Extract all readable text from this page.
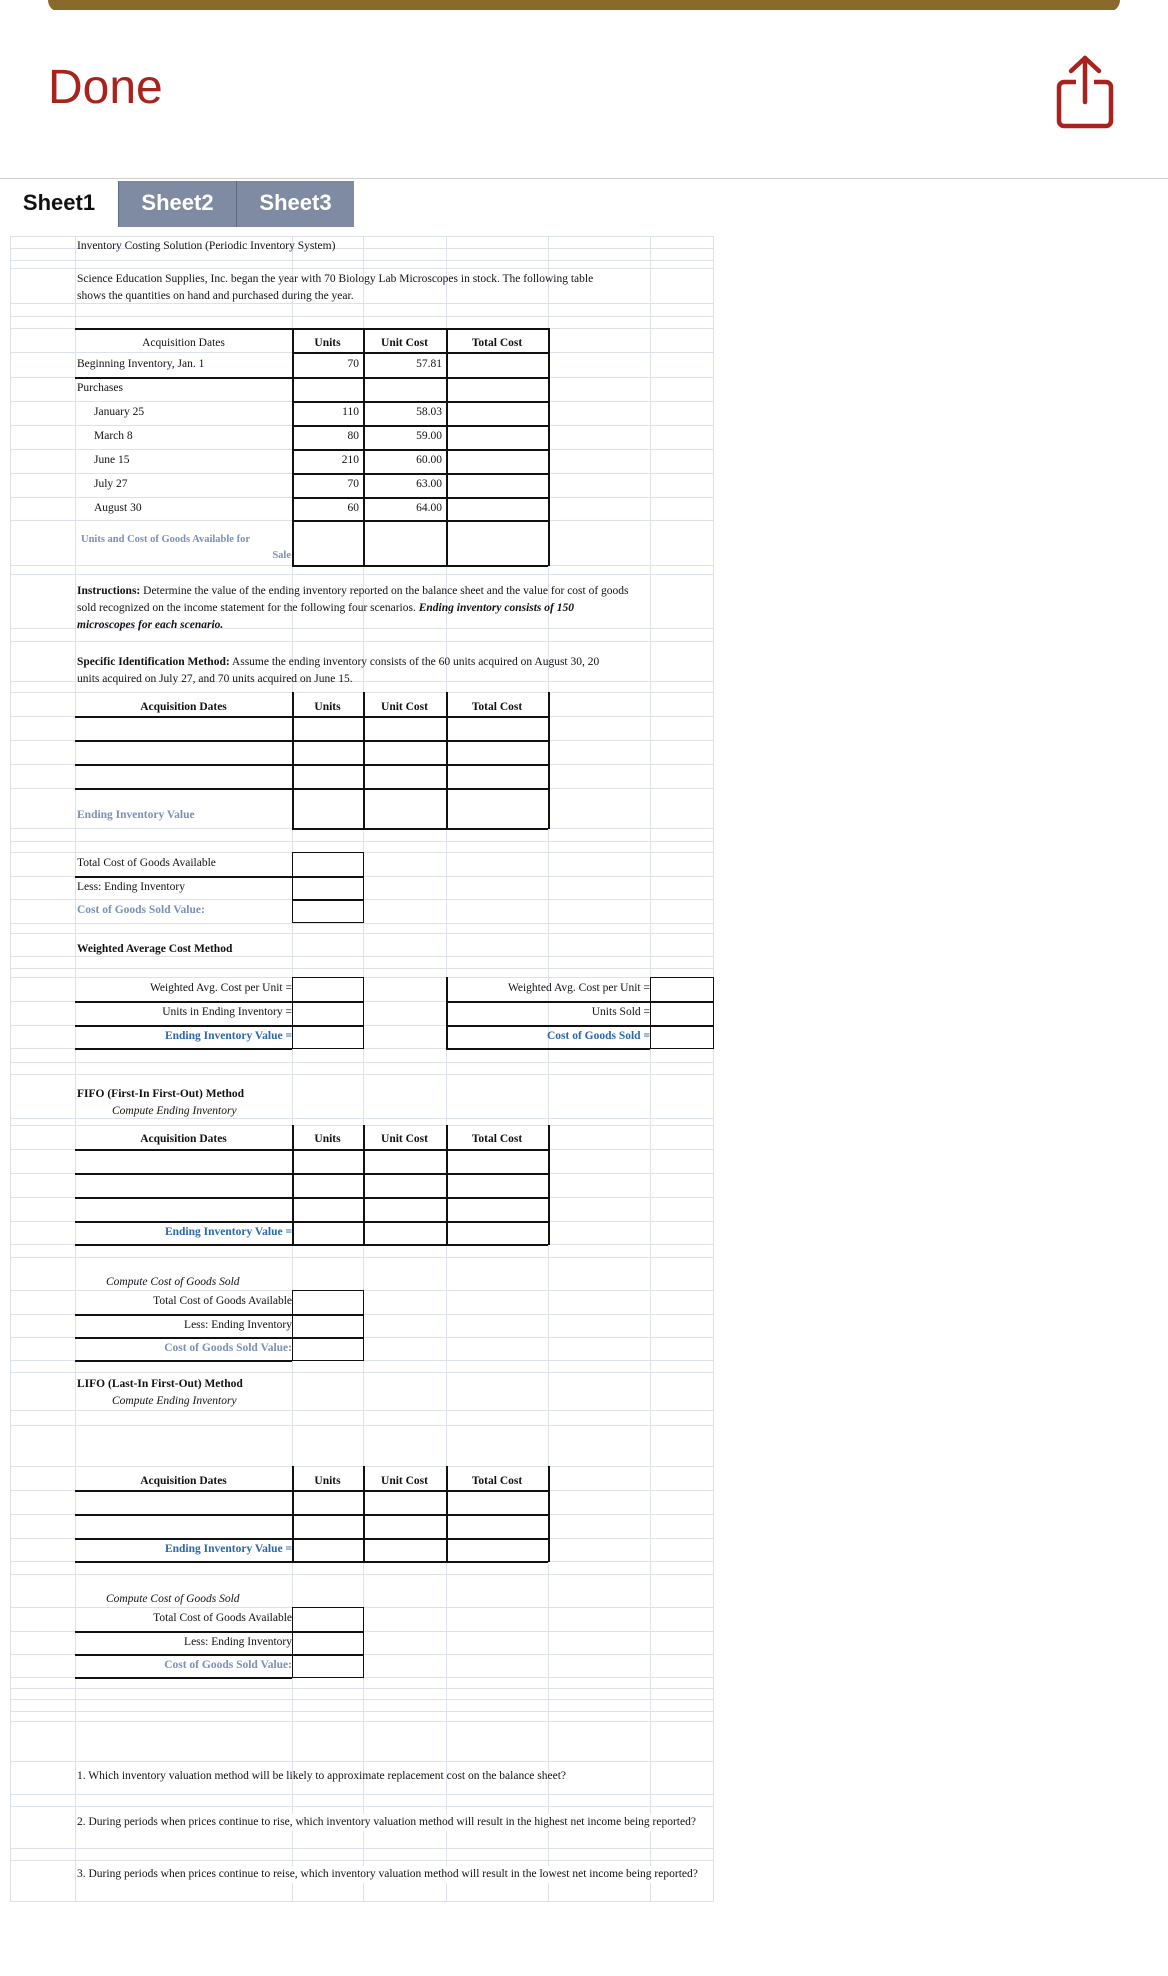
Done
Sheet1	Sheet2	Sheet3
Inventory Costing Solution (Periodic Inventory System)
Science Education Supplies, Inc. began the year with 70 Biology Lab Microscopes in stock. The following table
shows the quantities on hand and purchased during the year.
Acquisition Dates	Units	Unit Cost	Total Cost
Beginning Inventory, Jan. 1	70	57.81
Purchases
January 25	110	58.03
March 8	80	59.00
June 15	210	60.00
July 27	70	63.00
August 30	60	64.00
Units and Cost of Goods Available for
Sale
Instructions: Determine the value of the ending inventory reported on the balance sheet and the value for cost of goods
sold recognized on the income statement for the following four scenarios. Ending inventory consists of 150
microscopes for each scenario.
Specific Identification Method: Assume the ending inventory consists of the 60 units acquired on August 30, 20
units acquired on July 27, and 70 units acquired on June 15.
Acquisition Dates	Units	Unit Cost	Total Cost
Ending Inventory Value
Total Cost of Goods Available
Less: Ending Inventory
Cost of Goods Sold Value:
Weighted Average Cost Method
Weighted Avg. Cost per Unit =
Units in Ending Inventory =
Ending Inventory Value =
Weighted Avg. Cost per Unit =
Units Sold =
Cost of Goods Sold =
FIFO (First-In First-Out) Method
Compute Ending Inventory
Acquisition Dates	Units	Unit Cost	Total Cost
Ending Inventory Value =
Compute Cost of Goods Sold
Total Cost of Goods Available
Less: Ending Inventory
Cost of Goods Sold Value:
LIFO (Last-In First-Out) Method
Compute Ending Inventory
Acquisition Dates	Units	Unit Cost	Total Cost
Ending Inventory Value =
Compute Cost of Goods Sold
Total Cost of Goods Available
Less: Ending Inventory
Cost of Goods Sold Value:
1. Which inventory valuation method will be likely to approximate replacement cost on the balance sheet?
2. During periods when prices continue to rise, which inventory valuation method will result in the highest net income being reported?
3. During periods when prices continue to reise, which inventory valuation method will result in the lowest net income being reported?
